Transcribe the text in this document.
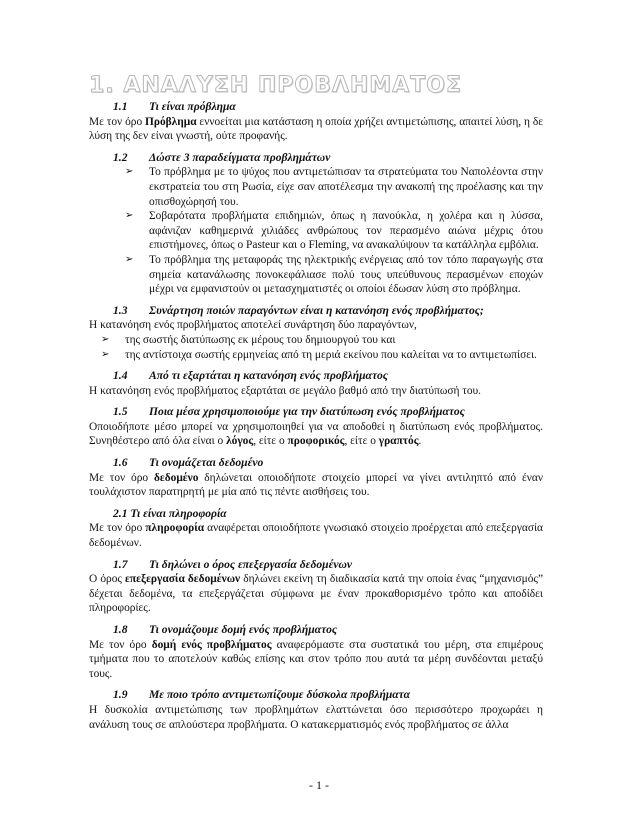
1. ΑΝΑΛΥΣΗ ΠΡΟΒΛΗΜΑΤΟΣ
1.1 Τι είναι πρόβλημα

Με τον όρο Πρόβλημα εννοείται μια κατάσταση η οποία χρήζει αντιμετώπισης, απαιτεί λύση, η δε λύση της δεν είναι γνωστή, ούτε προφανής.

1.2 Δώστε 3 παραδείγματα προβλημάτων
➢ Το πρόβλημα με το ψύχος που αντιμετώπισαν τα στρατεύματα του Ναπολέοντα στην εκστρατεία του στη Ρωσία, είχε σαν αποτέλεσμα την ανακοπή της προέλασης και την οπισθοχώρησή του.
➢ Σοβαρότατα προβλήματα επιδημιών, όπως η πανούκλα, η χολέρα και η λύσσα, αφάνιζαν καθημερινά χιλιάδες ανθρώπους τον περασμένο αιώνα μέχρις ότου επιστήμονες, όπως ο Pasteur και ο Fleming, να ανακαλύψουν τα κατάλληλα εμβόλια.
➢ Το πρόβλημα της μεταφοράς της ηλεκτρικής ενέργειας από τον τόπο παραγωγής στα σημεία κατανάλωσης πονοκεφάλιασε πολύ τους υπεύθυνους περασμένων εποχών μέχρι να εμφανιστούν οι μετασχηματιστές οι οποίοι έδωσαν λύση στο πρόβλημα.
1.3 Συνάρτηση ποιών παραγόντων είναι η κατανόηση ενός προβλήματος;

Η κατανόηση ενός προβλήματος αποτελεί συνάρτηση δύο παραγόντων,

➢ της σωστής διατύπωσης εκ μέρους του δημιουργού του και
➢ της αντίστοιχα σωστής ερμηνείας από τη μεριά εκείνου που καλείται να το αντιμετωπίσει.
1.4 Από τι εξαρτάται η κατανόηση ενός προβλήματος

Η κατανόηση ενός προβλήματος εξαρτάται σε μεγάλο βαθμό από την διατύπωσή του.

1.5 Ποια μέσα χρησιμοποιούμε για την διατύπωση ενός προβλήματος

Οποιοδήποτε μέσο μπορεί να χρησιμοποιηθεί για να αποδοθεί η διατύπωση ενός προβλήματος. Συνηθέστερο από όλα είναι ο λόγος, είτε ο προφορικός, είτε ο γραπτός.

1.6 Τι ονομάζεται δεδομένο

Με τον όρο δεδομένο δηλώνεται οποιοδήποτε στοιχείο μπορεί να γίνει αντιληπτό από έναν τουλάχιστον παρατηρητή με μία από τις πέντε αισθήσεις του.

2.1 Τι είναι πληροφορία

Με τον όρο πληροφορία αναφέρεται οποιοδήποτε γνωσιακό στοιχείο προέρχεται από επεξεργασία δεδομένων.

1.7 Τι δηλώνει ο όρος επεξεργασία δεδομένων

Ο όρος επεξεργασία δεδομένων δηλώνει εκείνη τη διαδικασία κατά την οποία ένας “μηχανισμός” δέχεται δεδομένα, τα επεξεργάζεται σύμφωνα με έναν προκαθορισμένο τρόπο και αποδίδει πληροφορίες.

1.8 Τι ονομάζουμε δομή ενός προβλήματος

Με τον όρο δομή ενός προβλήματος αναφερόμαστε στα συστατικά του μέρη, στα επιμέρους τμήματα που το αποτελούν καθώς επίσης και στον τρόπο που αυτά τα μέρη συνδέονται μεταξύ τους.

1.9 Με ποιο τρόπο αντιμετωπίζουμε δύσκολα προβλήματα

Η δυσκολία αντιμετώπισης των προβλημάτων ελαττώνεται όσο περισσότερο προχωράει η ανάλυση τους σε απλούστερα προβλήματα. Ο κατακερματισμός ενός προβλήματος σε άλλα

- 1 -
